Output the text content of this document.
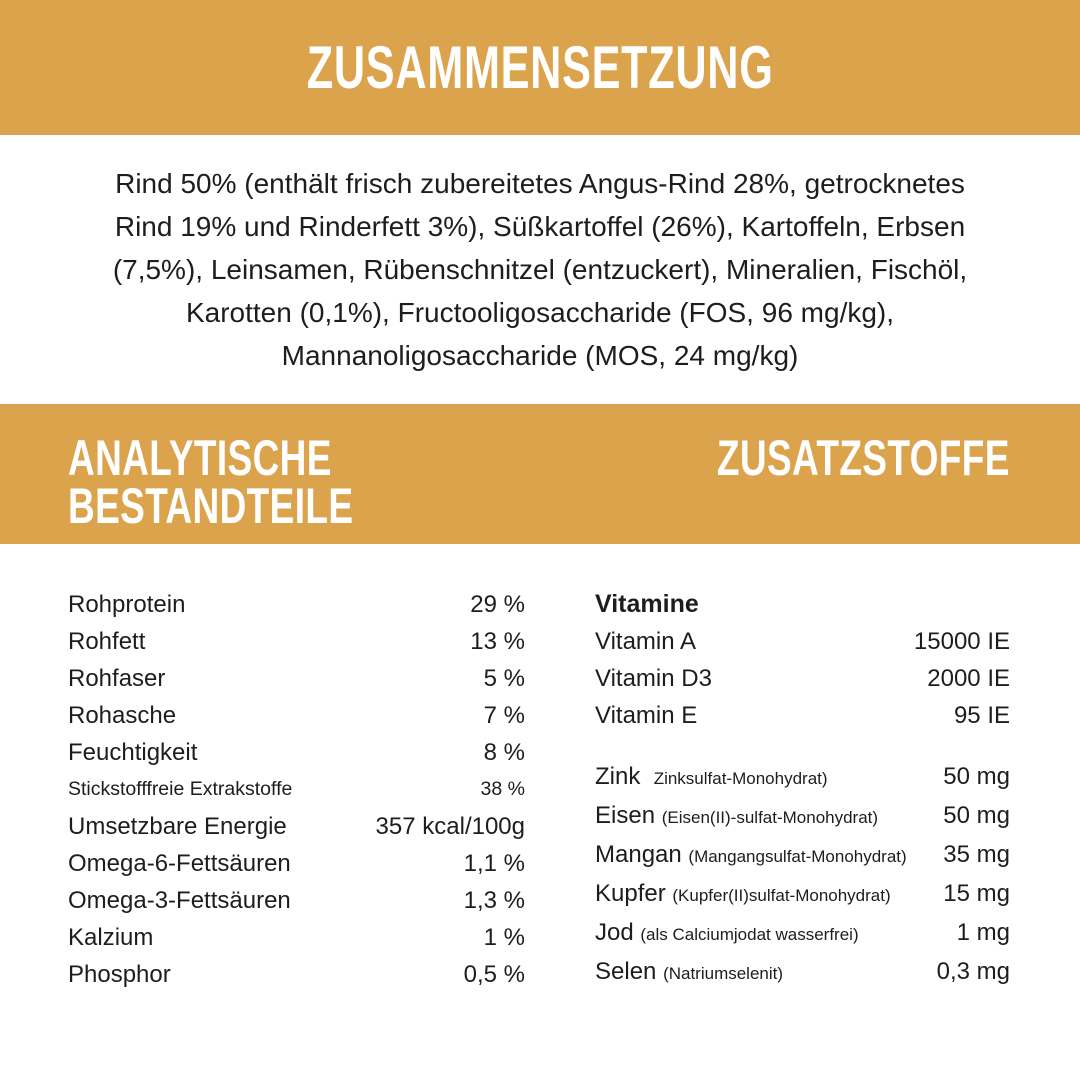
ZUSAMMENSETZUNG

Rind 50% (enthält frisch zubereitetes Angus-Rind 28%, getrocknetes Rind 19% und Rinderfett 3%), Süßkartoffel (26%), Kartoffeln, Erbsen (7,5%), Leinsamen, Rübenschnitzel (entzuckert), Mineralien, Fischöl, Karotten (0,1%), Fructooligosaccharide (FOS, 96 mg/kg), Mannanoligosaccharide (MOS, 24 mg/kg)

ANALYTISCHE BESTANDTEILE
ZUSATZSTOFFE
Rohprotein	29 %
Rohfett	13 %
Rohfaser	5 %
Rohasche	7 %
Feuchtigkeit	8 %
Stickstofffreie Extrakstoffe	38 %
Umsetzbare Energie	357 kcal/100g
Omega-6-Fettsäuren	1,1 %
Omega-3-Fettsäuren	1,3 %
Kalzium	1 %
Phosphor	0,5 %
Vitamine
Vitamin A	15000 IE
Vitamin D3	2000 IE
Vitamin E	95 IE
Zink Zinksulfat-Monohydrat)	50 mg
Eisen (Eisen(II)-sulfat-Monohydrat)	50 mg
Mangan (Mangangsulfat-Monohydrat) 35 mg
Kupfer (Kupfer(II)sulfat-Monohydrat) 15 mg
Jod (als Calciumjodat wasserfrei)	1 mg
Selen (Natriumselenit)	0,3 mg
